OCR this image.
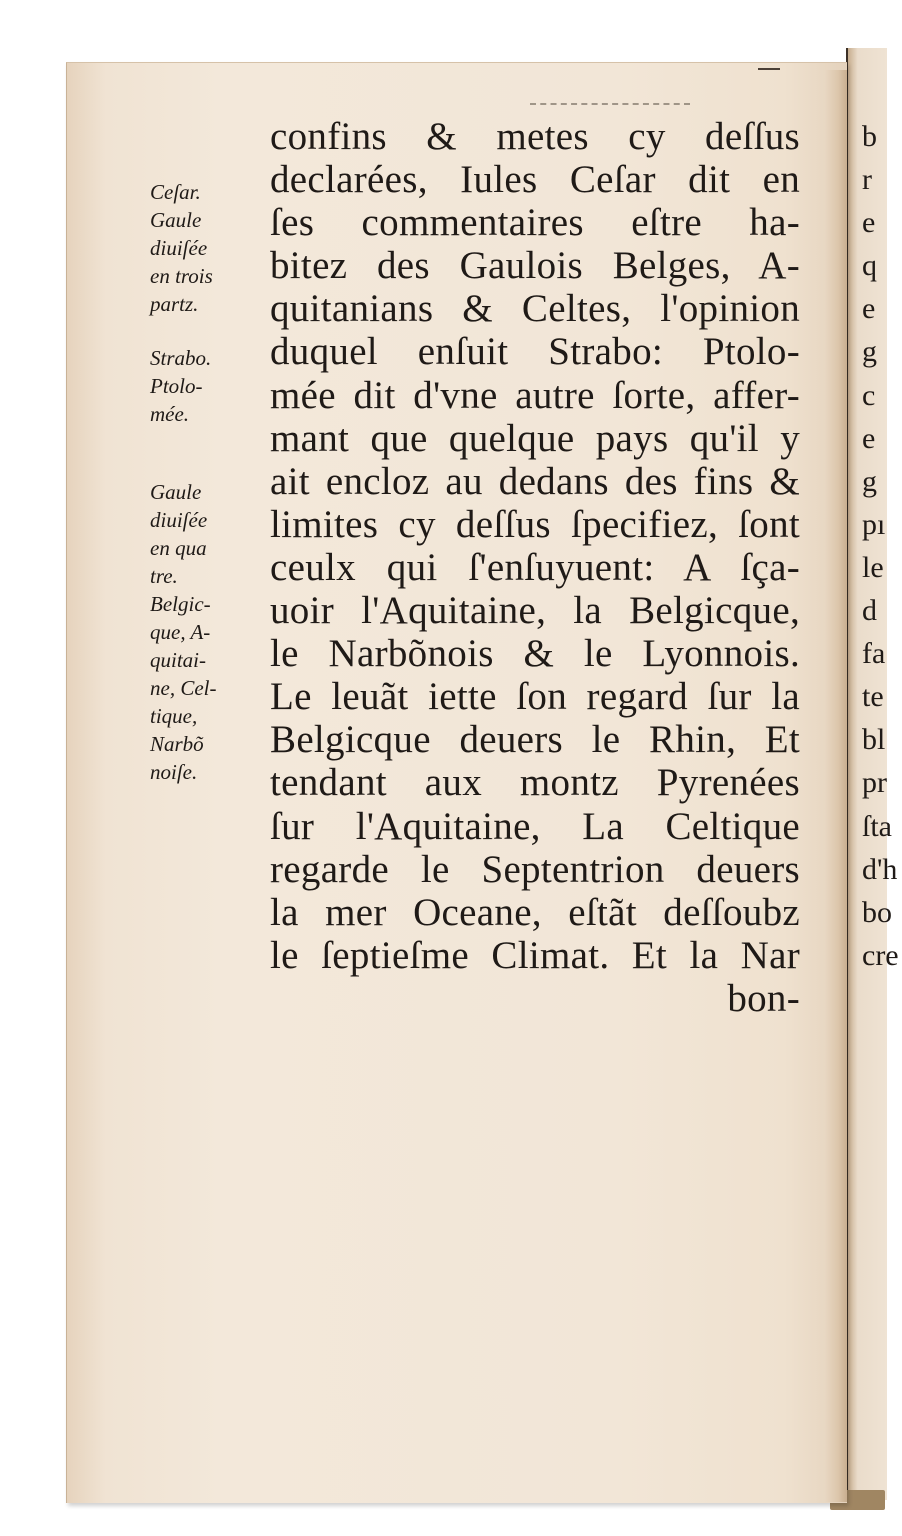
Ceſar.
Gaule
diuiſée
en trois
partz.
Strabo.
Ptolo-
mée.
Gaule
diuiſée
en qua
tre.
Belgic-
que, A-
quitai-
ne, Cel-
tique,
Narbõ
noiſe.
confins & metes cy deſſus
declarées, Iules Ceſar dit en
ſes commentaires eſtre ha-
bitez des Gaulois Belges, A-
quitanians & Celtes, l'opinion
duquel enſuit Strabo: Ptolo-
mée dit d'vne autre ſorte, affer-
mant que quelque pays qu'il y
ait encloz au dedans des fins &
limites cy deſſus ſpecifiez, ſont
ceulx qui ſ'enſuyuent: A ſça-
uoir l'Aquitaine, la Belgicque,
le Narbõnois & le Lyonnois.
Le leuãt iette ſon regard ſur la
Belgicque deuers le Rhin, Et
tendant aux montz Pyrenées
ſur l'Aquitaine, La Celtique
regarde le Septentrion deuers
la mer Oceane, eſtãt deſſoubz
le ſeptieſme Climat. Et la Nar
bon-
b
r
e
q
e
g
c
e
g
pı
le
d
fa
te
bl
pr
ſta
d'h
bo
cre
